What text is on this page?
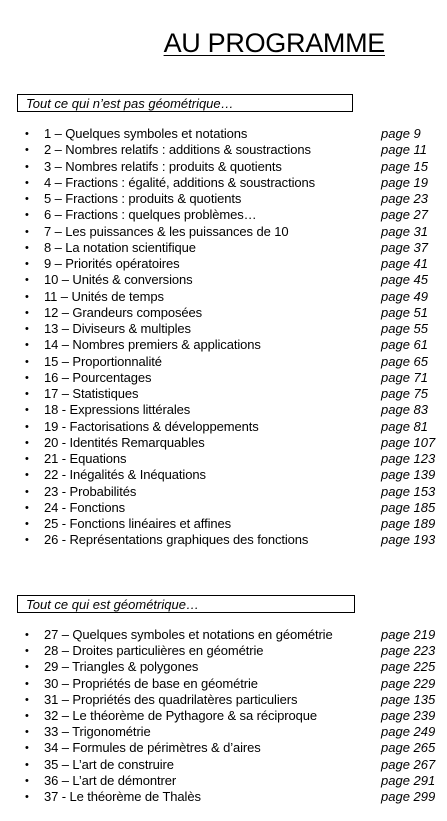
AU PROGRAMME
Tout ce qui n’est pas géométrique…
• 1 – Quelques symboles et notations	page 9
• 2 – Nombres relatifs : additions & soustractions	page 11
• 3 – Nombres relatifs : produits & quotients	page 15
• 4 – Fractions : égalité, additions & soustractions	page 19
• 5 – Fractions : produits & quotients	page 23
• 6 – Fractions : quelques problèmes…	page 27
• 7 – Les puissances & les puissances de 10	page 31
• 8 – La notation scientifique	page 37
• 9 – Priorités opératoires	page 41
• 10 – Unités & conversions	page 45
• 11 – Unités de temps	page 49
• 12 – Grandeurs composées	page 51
• 13 – Diviseurs & multiples	page 55
• 14 – Nombres premiers & applications	page 61
• 15 – Proportionnalité	page 65
• 16 – Pourcentages	page 71
• 17 – Statistiques	page 75
• 18 - Expressions littérales	page 83
• 19 - Factorisations & développements	page 81
• 20 - Identités Remarquables	page 107
• 21 - Equations	page 123
• 22 - Inégalités & Inéquations	page 139
• 23 - Probabilités	page 153
• 24 - Fonctions	page 185
• 25 - Fonctions linéaires et affines	page 189
• 26 - Représentations graphiques des fonctions	page 193
Tout ce qui est géométrique…
• 27 – Quelques symboles et notations en géométrie	page 219
• 28 – Droites particulières en géométrie	page 223
• 29 – Triangles & polygones	page 225
• 30 – Propriétés de base en géométrie	page 229
• 31 – Propriétés des quadrilatères particuliers	page 135
• 32 – Le théorème de Pythagore & sa réciproque	page 239
• 33 – Trigonométrie	page 249
• 34 – Formules de périmètres & d’aires	page 265
• 35 – L’art de construire	page 267
• 36 – L’art de démontrer	page 291
• 37 - Le théorème de Thalès	page 299
